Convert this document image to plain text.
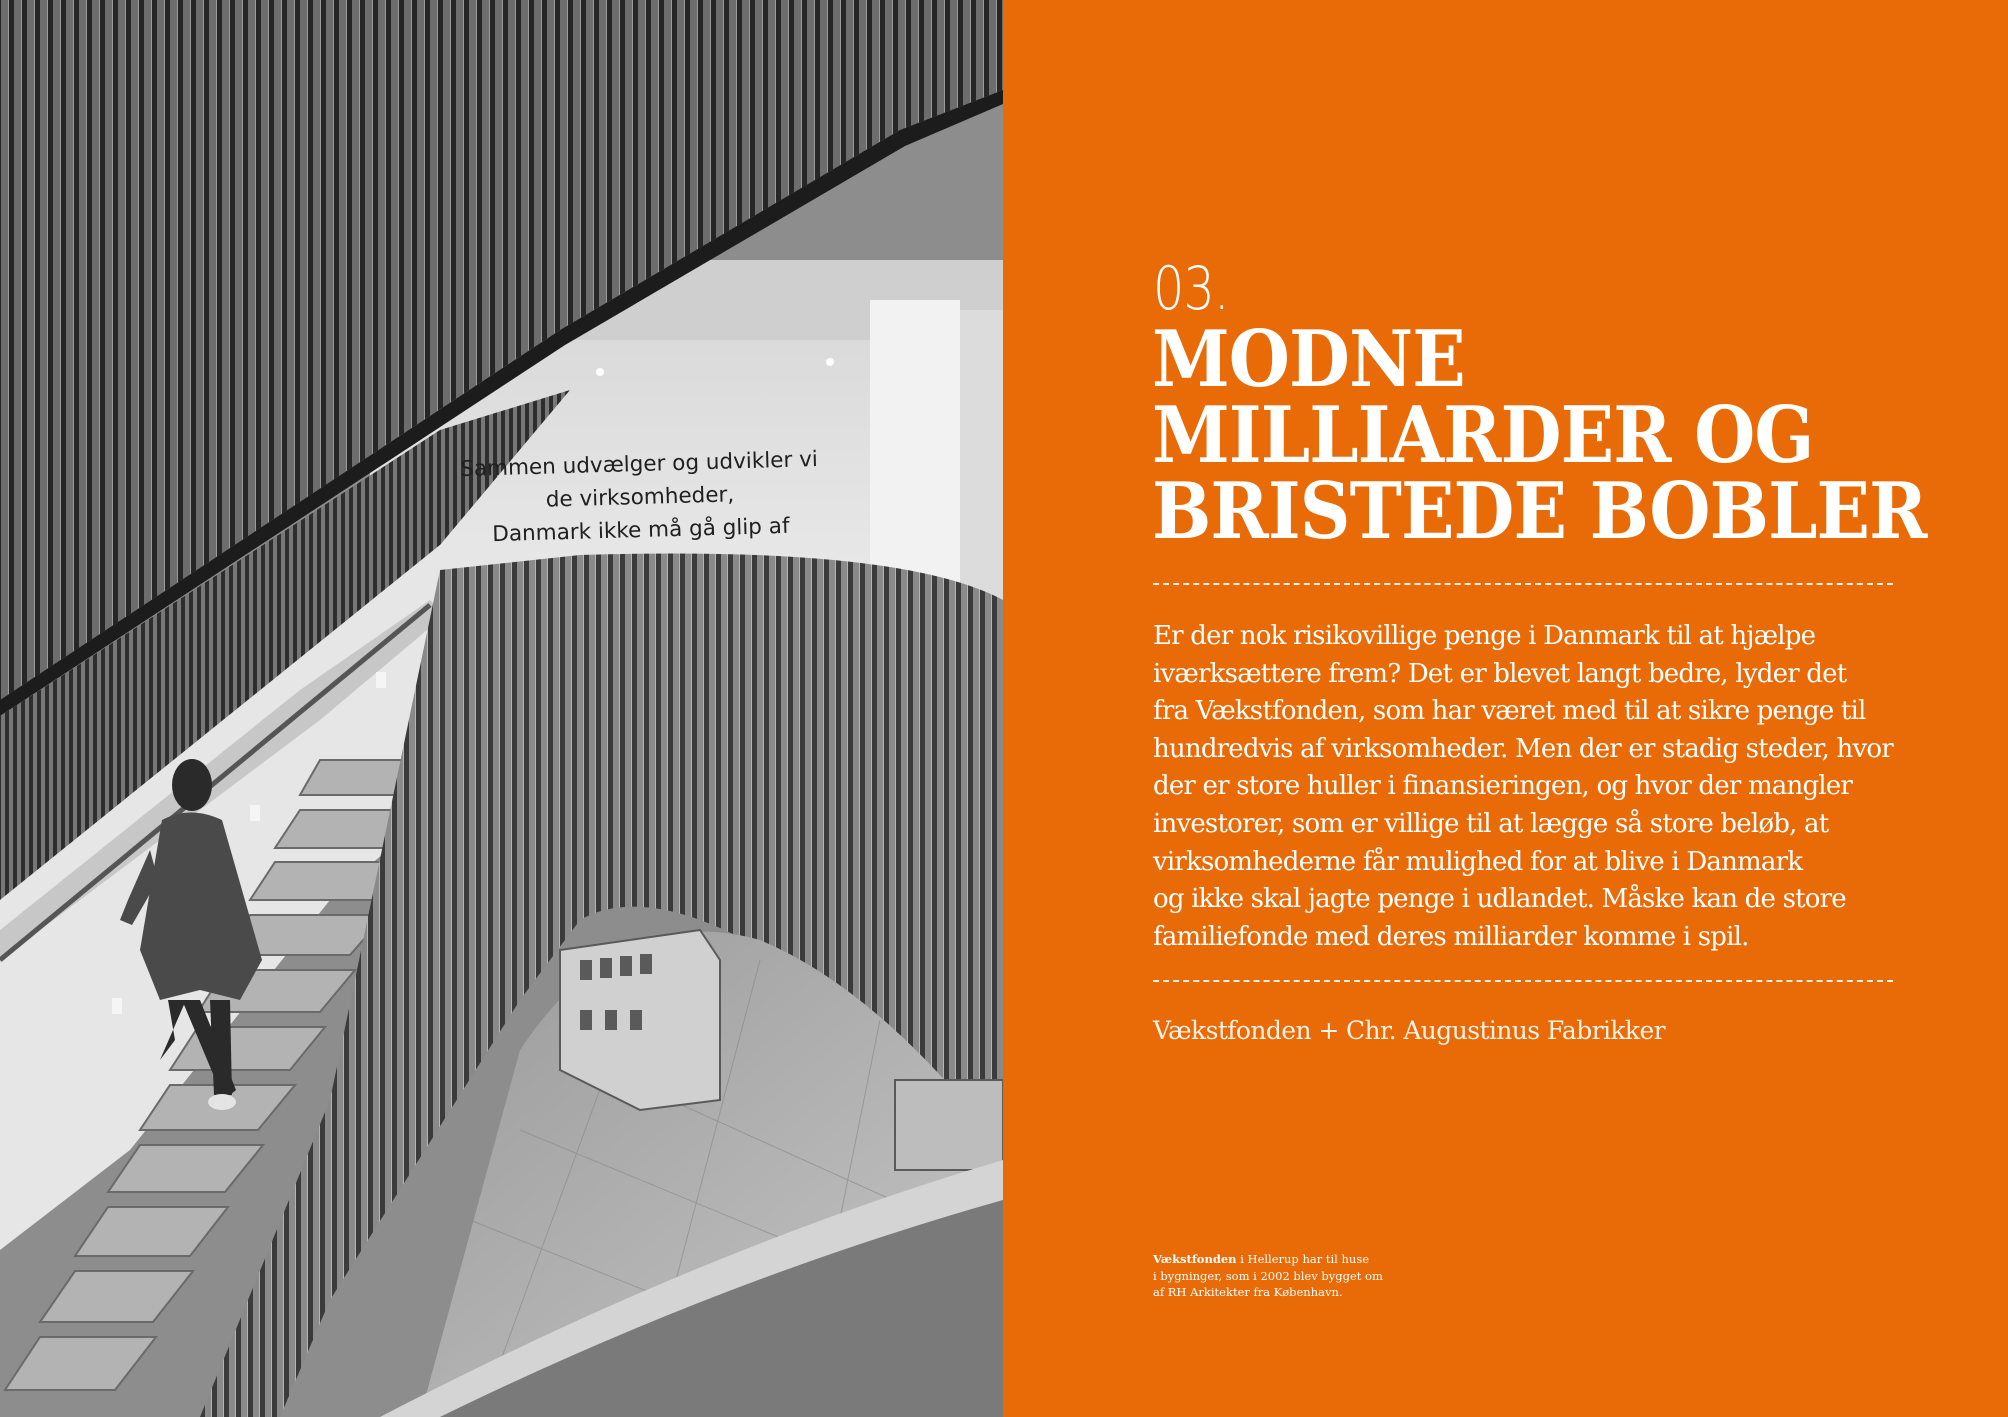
Sammen udvælger og udvikler vi
de virksomheder,
Danmark ikke må gå glip af
03.
MODNE
MILLIARDER OG
BRISTEDE BOBLER
Er der nok risikovillige penge i Danmark til at hjælpe
iværksættere frem? Det er blevet langt bedre, lyder det
fra Vækstfonden, som har været med til at sikre penge til
hundredvis af virksomheder. Men der er stadig steder, hvor
der er store huller i finansieringen, og hvor der mangler
investorer, som er villige til at lægge så store beløb, at
virksomhederne får mulighed for at blive i Danmark
og ikke skal jagte penge i udlandet. Måske kan de store
familiefonde med deres milliarder komme i spil.
Vækstfonden + Chr. Augustinus Fabrikker
Vækstfonden i Hellerup har til huse
i bygninger, som i 2002 blev bygget om
af RH Arkitekter fra København.
